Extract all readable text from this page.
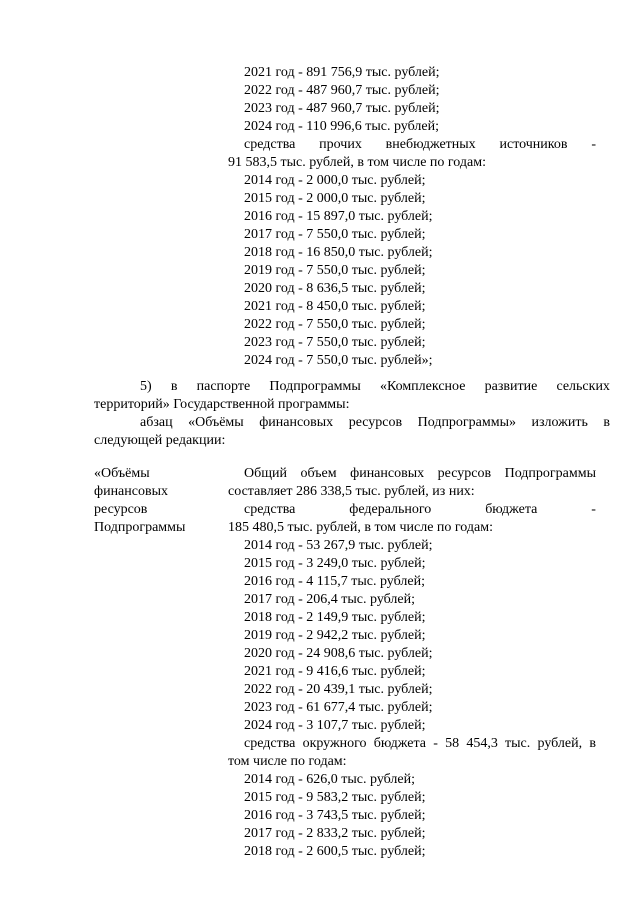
2021 год - 891 756,9 тыс. рублей;
2022 год - 487 960,7 тыс. рублей;
2023 год - 487 960,7 тыс. рублей;
2024 год - 110 996,6 тыс. рублей;
средства прочих внебюджетных источников -
91 583,5 тыс. рублей, в том числе по годам:
2014 год - 2 000,0 тыс. рублей;
2015 год - 2 000,0 тыс. рублей;
2016 год - 15 897,0 тыс. рублей;
2017 год - 7 550,0 тыс. рублей;
2018 год - 16 850,0 тыс. рублей;
2019 год - 7 550,0 тыс. рублей;
2020 год - 8 636,5 тыс. рублей;
2021 год - 8 450,0 тыс. рублей;
2022 год - 7 550,0 тыс. рублей;
2023 год - 7 550,0 тыс. рублей;
2024 год - 7 550,0 тыс. рублей»;
5) в паспорте Подпрограммы «Комплексное развитие сельских
территорий» Государственной программы:
абзац «Объёмы финансовых ресурсов Подпрограммы» изложить в
следующей редакции:
«Объёмы
финансовых
ресурсов
Подпрограммы
Общий объем финансовых ресурсов Подпрограммы
составляет 286 338,5 тыс. рублей, из них:
средства	федерального	бюджета	-
185 480,5 тыс. рублей, в том числе по годам:
2014 год - 53 267,9 тыс. рублей;
2015 год - 3 249,0 тыс. рублей;
2016 год - 4 115,7 тыс. рублей;
2017 год - 206,4 тыс. рублей;
2018 год - 2 149,9 тыс. рублей;
2019 год - 2 942,2 тыс. рублей;
2020 год - 24 908,6 тыс. рублей;
2021 год - 9 416,6 тыс. рублей;
2022 год - 20 439,1 тыс. рублей;
2023 год - 61 677,4 тыс. рублей;
2024 год - 3 107,7 тыс. рублей;
средства окружного бюджета - 58 454,3 тыс. рублей, в
том числе по годам:
2014 год - 626,0 тыс. рублей;
2015 год - 9 583,2 тыс. рублей;
2016 год - 3 743,5 тыс. рублей;
2017 год - 2 833,2 тыс. рублей;
2018 год - 2 600,5 тыс. рублей;
